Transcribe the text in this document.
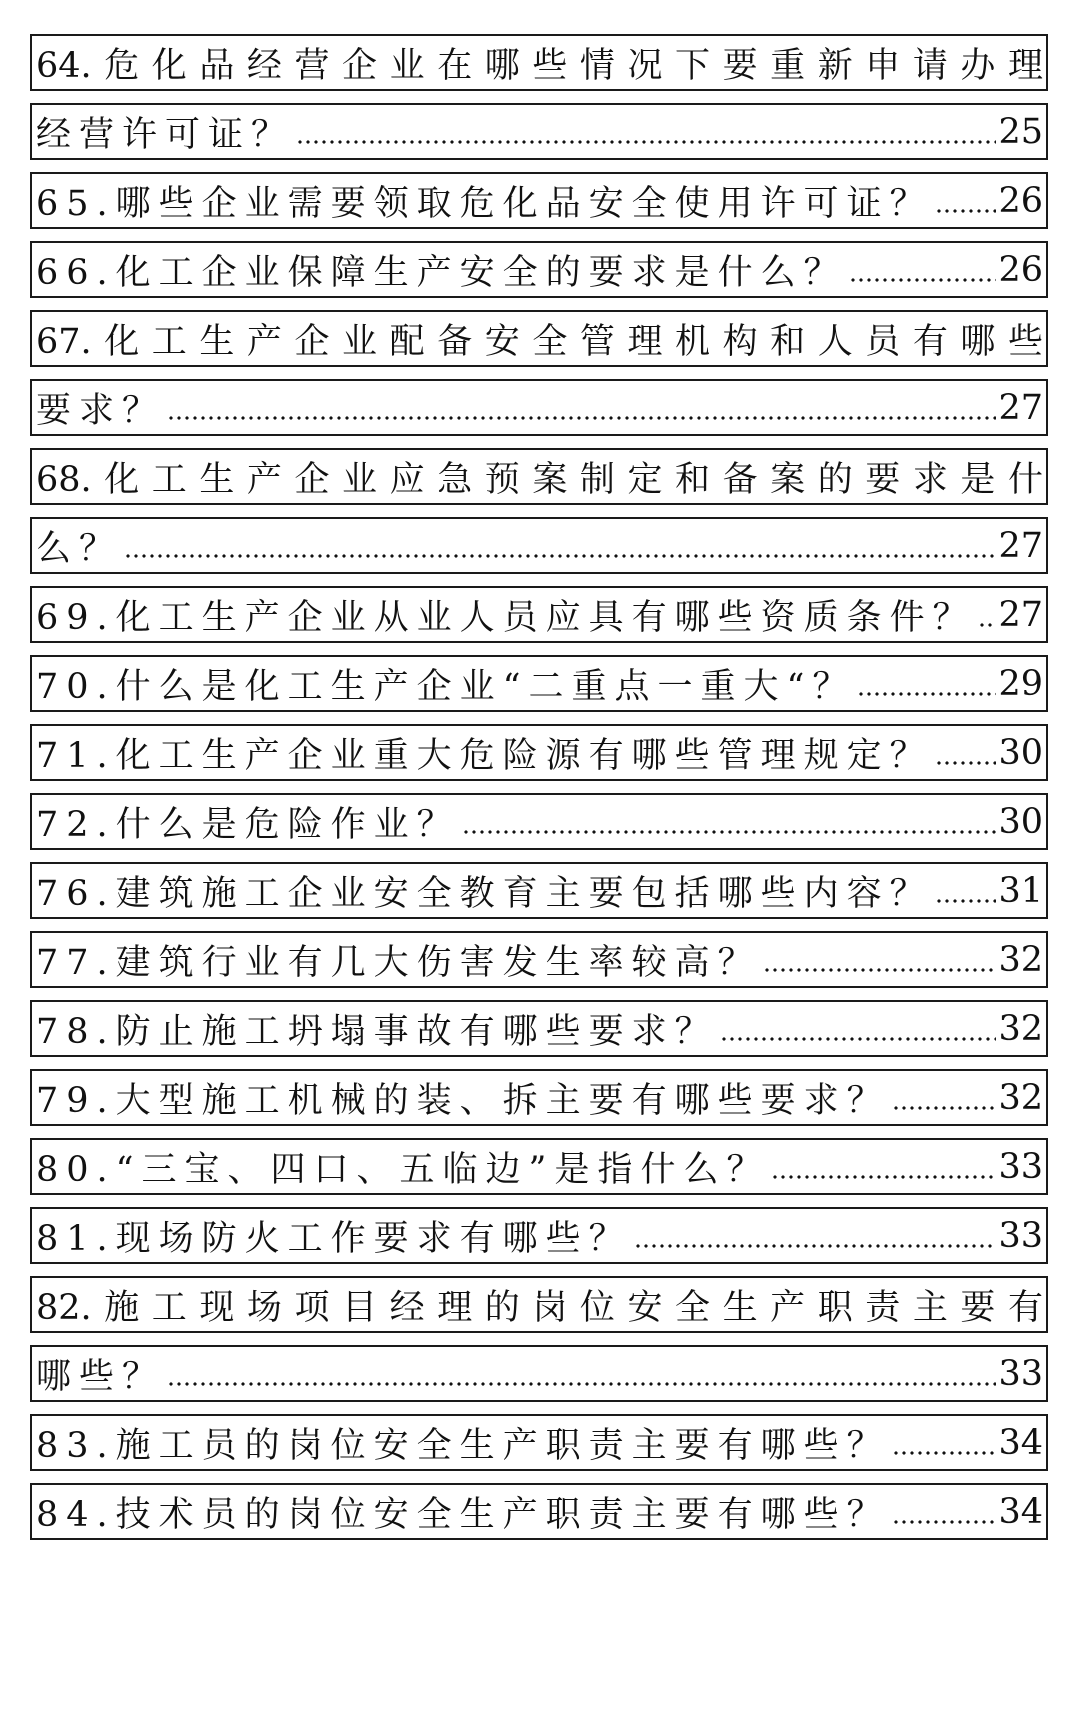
64.危化品经营企业在哪些情况下要重新申请办理
经营许可证？	25
65.哪些企业需要领取危化品安全使用许可证？ 26
66.化工企业保障生产安全的要求是什么？	26
67.化工生产企业配备安全管理机构和人员有哪些
要求？	27
68.化工生产企业应急预案制定和备案的要求是什
么？	27
69.化工生产企业从业人员应具有哪些资质条件？ 27
70.什么是化工生产企业“二重点一重大“？	29
71.化工生产企业重大危险源有哪些管理规定？ 30
72.什么是危险作业？	30
76.建筑施工企业安全教育主要包括哪些内容？ 31
77.建筑行业有几大伤害发生率较高？	32
78.防止施工坍塌事故有哪些要求？	32
79.大型施工机械的装、拆主要有哪些要求？	32
80.“三宝、四口、五临边”是指什么？	33
81.现场防火工作要求有哪些？	33
82.施工现场项目经理的岗位安全生产职责主要有
哪些？	33
83.施工员的岗位安全生产职责主要有哪些？	34
84.技术员的岗位安全生产职责主要有哪些？	34
